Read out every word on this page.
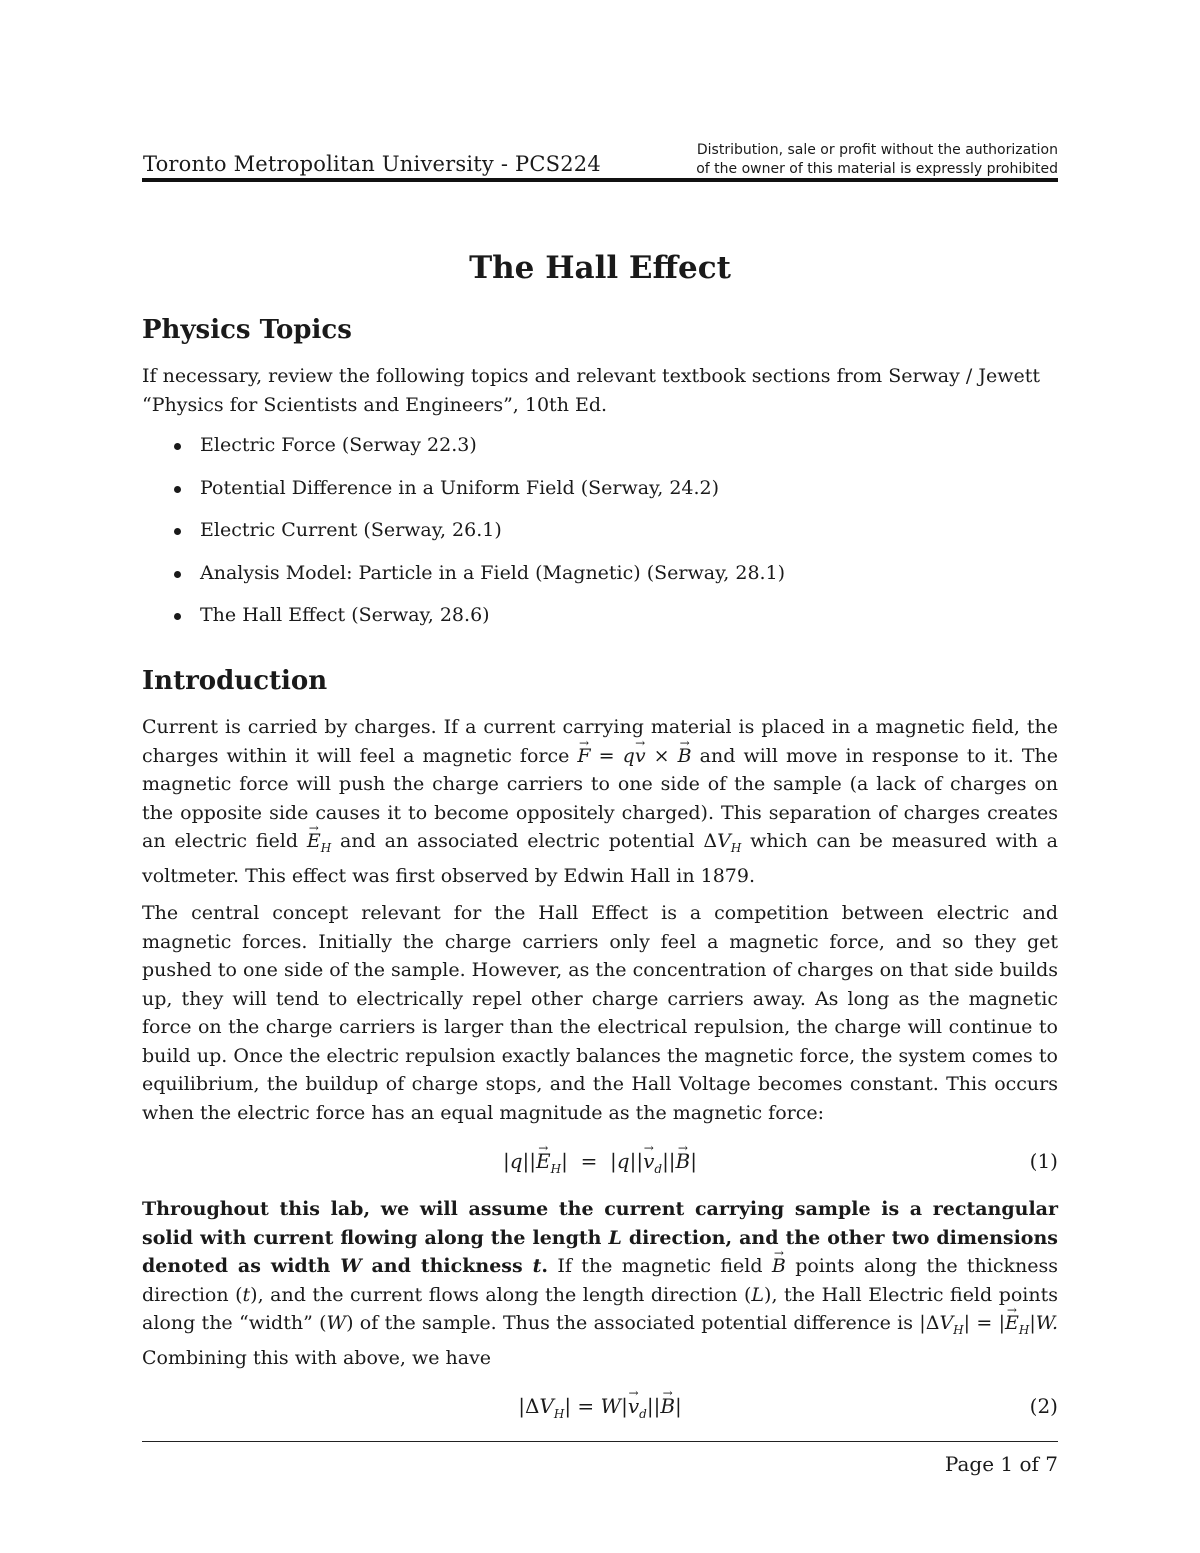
Toronto Metropolitan University - PCS224
Distribution, sale or profit without the authorization
of the owner of this material is expressly prohibited
The Hall Effect
Physics Topics

If necessary, review the following topics and relevant textbook sections from Serway / Jewett “Physics for Scientists and Engineers”, 10th Ed.

Electric Force (Serway 22.3)
Potential Difference in a Uniform Field (Serway, 24.2)
Electric Current (Serway, 26.1)
Analysis Model: Particle in a Field (Magnetic) (Serway, 28.1)
The Hall Effect (Serway, 28.6)
Introduction

Current is carried by charges. If a current carrying material is placed in a magnetic field, the charges within it will feel a magnetic force → F = q→ v × → B and will move in response to it. The magnetic force will push the charge carriers to one side of the sample (a lack of charges on the opposite side causes it to become oppositely charged). This separation of charges creates an electric field → $E_H$ and an associated electric potential $\Delta V_H$ which can be measured with a voltmeter. This effect was first observed by Edwin Hall in 1879.

The central concept relevant for the Hall Effect is a competition between electric and magnetic forces. Initially the charge carriers only feel a magnetic force, and so they get pushed to one side of the sample. However, as the concentration of charges on that side builds up, they will tend to electrically repel other charge carriers away. As long as the magnetic force on the charge carriers is larger than the electrical repulsion, the charge will continue to build up. Once the electric repulsion exactly balances the magnetic force, the system comes to equilibrium, the buildup of charge stops, and the Hall Voltage becomes constant. This occurs when the electric force has an equal magnitude as the magnetic force:

$|q||\to E_H| = |q||\to v_d||\to B|$	(1)

Throughout this lab, we will assume the current carrying sample is a rectangular solid with current flowing along the length L direction, and the other two dimensions denoted as width W and thickness t. If the magnetic field → B points along the thickness direction (t), and the current flows along the length direction (L), the Hall Electric field points along the “width” (W) of the sample. Thus the associated potential difference is $|\Delta V_H|$ = |→ $E_H|W$. Combining this with above, we have

$|\Delta V_H| = W|\to v_d||\to B|$	(2)
Page 1 of 7
